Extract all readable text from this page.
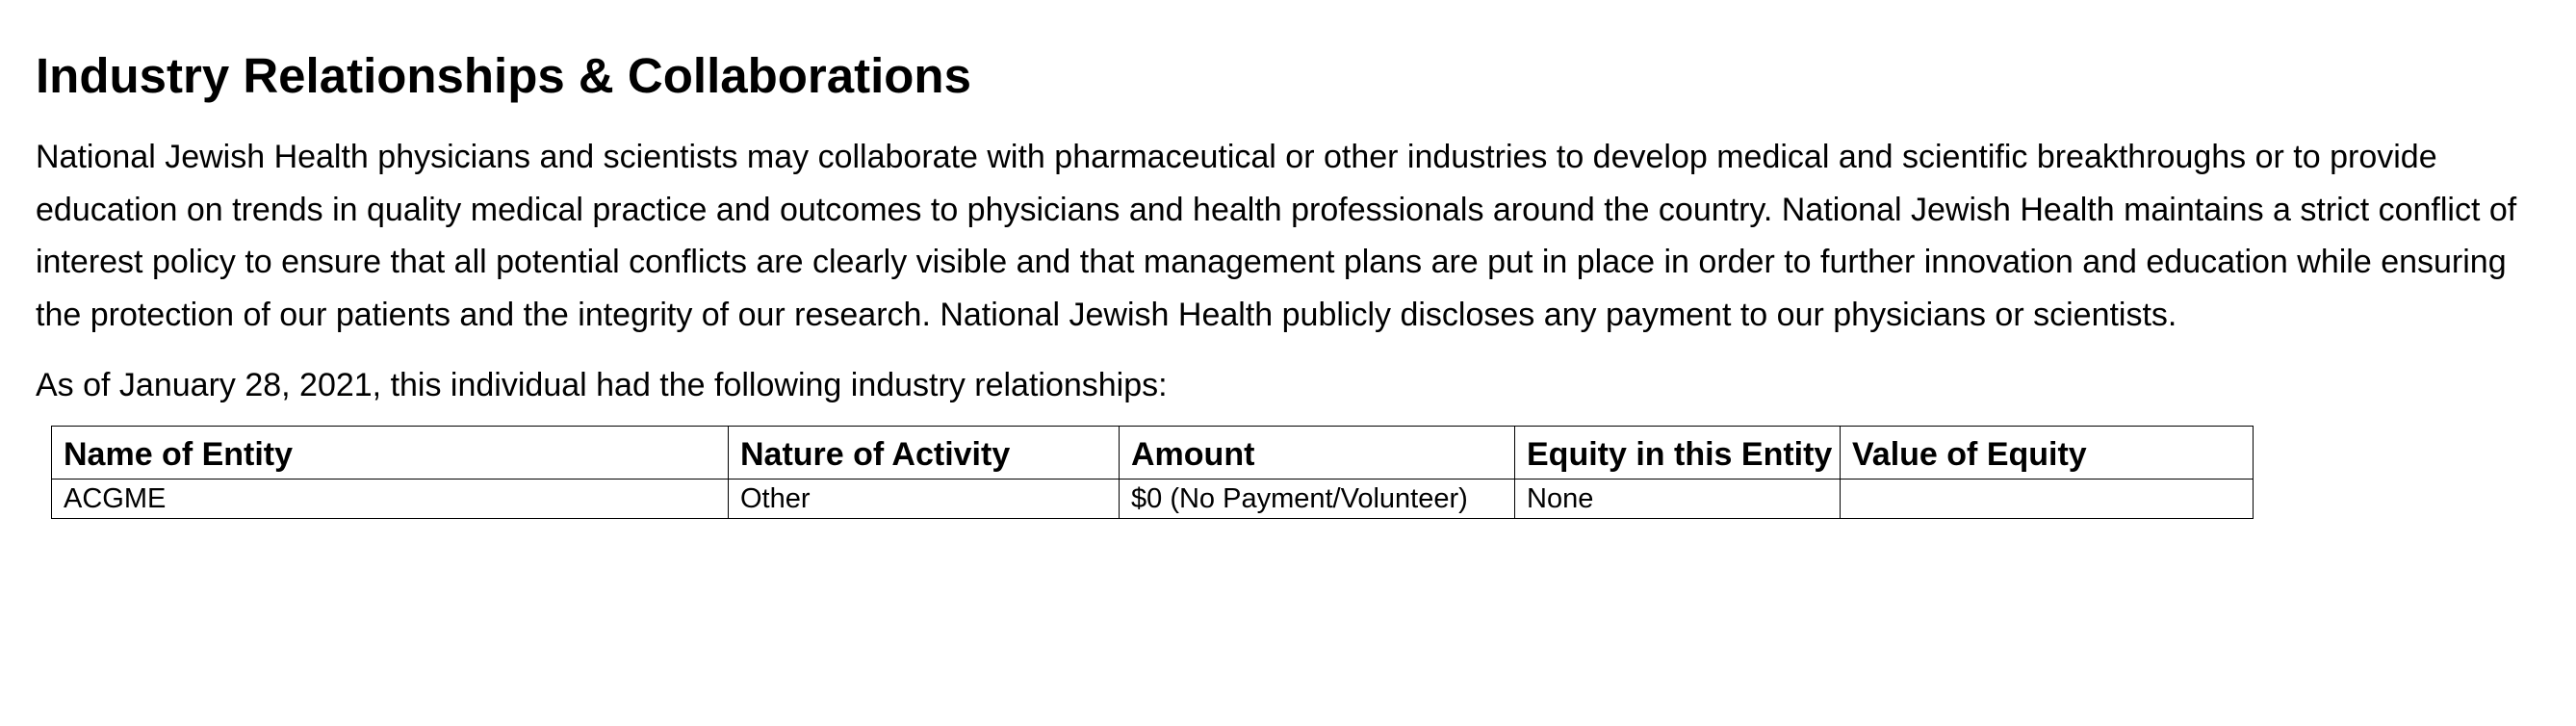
Industry Relationships & Collaborations

National Jewish Health physicians and scientists may collaborate with pharmaceutical or other industries to develop medical and scientific breakthroughs or to provide education on trends in quality medical practice and outcomes to physicians and health professionals around the country. National Jewish Health maintains a strict conflict of interest policy to ensure that all potential conflicts are clearly visible and that management plans are put in place in order to further innovation and education while ensuring the protection of our patients and the integrity of our research. National Jewish Health publicly discloses any payment to our physicians or scientists.

As of January 28, 2021, this individual had the following industry relationships:

Name of Entity	Nature of Activity	Amount	Equity in this Entity	Value of Equity
ACGME	Other	$0 (No Payment/Volunteer)	None	
